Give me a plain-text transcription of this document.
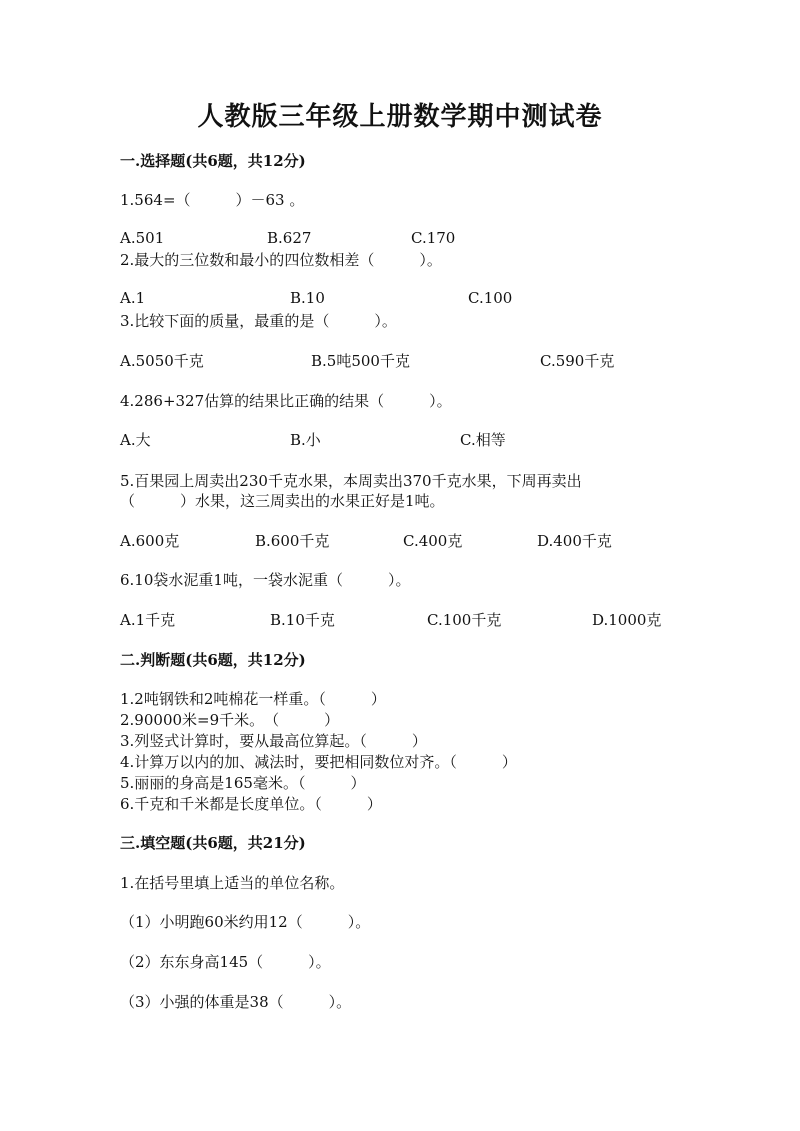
人教版三年级上册数学期中测试卷
一.选择题(共6题，共12分)
1.564=（　　　）－63 。
A.501	B.627	C.170
2.最大的三位数和最小的四位数相差（　　　）。
A.1	B.10	C.100
3.比较下面的质量，最重的是（　　　）。
A.5050千克	B.5吨500千克	C.590千克
4.286+327估算的结果比正确的结果（　　　）。
A.大	B.小	C.相等
5.百果园上周卖出230千克水果，本周卖出370千克水果，下周再卖出
（　　　）水果，这三周卖出的水果正好是1吨。
A.600克	B.600千克	C.400克	D.400千克
6.10袋水泥重1吨，一袋水泥重（　　　）。
A.1千克	B.10千克	C.100千克	D.1000克
二.判断题(共6题，共12分)
1.2吨钢铁和2吨棉花一样重。（　　　）
2.90000米=9千米。　（　　　）
3.列竖式计算时，要从最高位算起。（　　　）
4.计算万以内的加、减法时，要把相同数位对齐。（　　　）
5.丽丽的身高是165毫米。（　　　）
6.千克和千米都是长度单位。（　　　）
三.填空题(共6题，共21分)
1.在括号里填上适当的单位名称。
（1）小明跑60米约用12（　　　）。
（2）东东身高145（　　　）。
（3）小强的体重是38（　　　）。
